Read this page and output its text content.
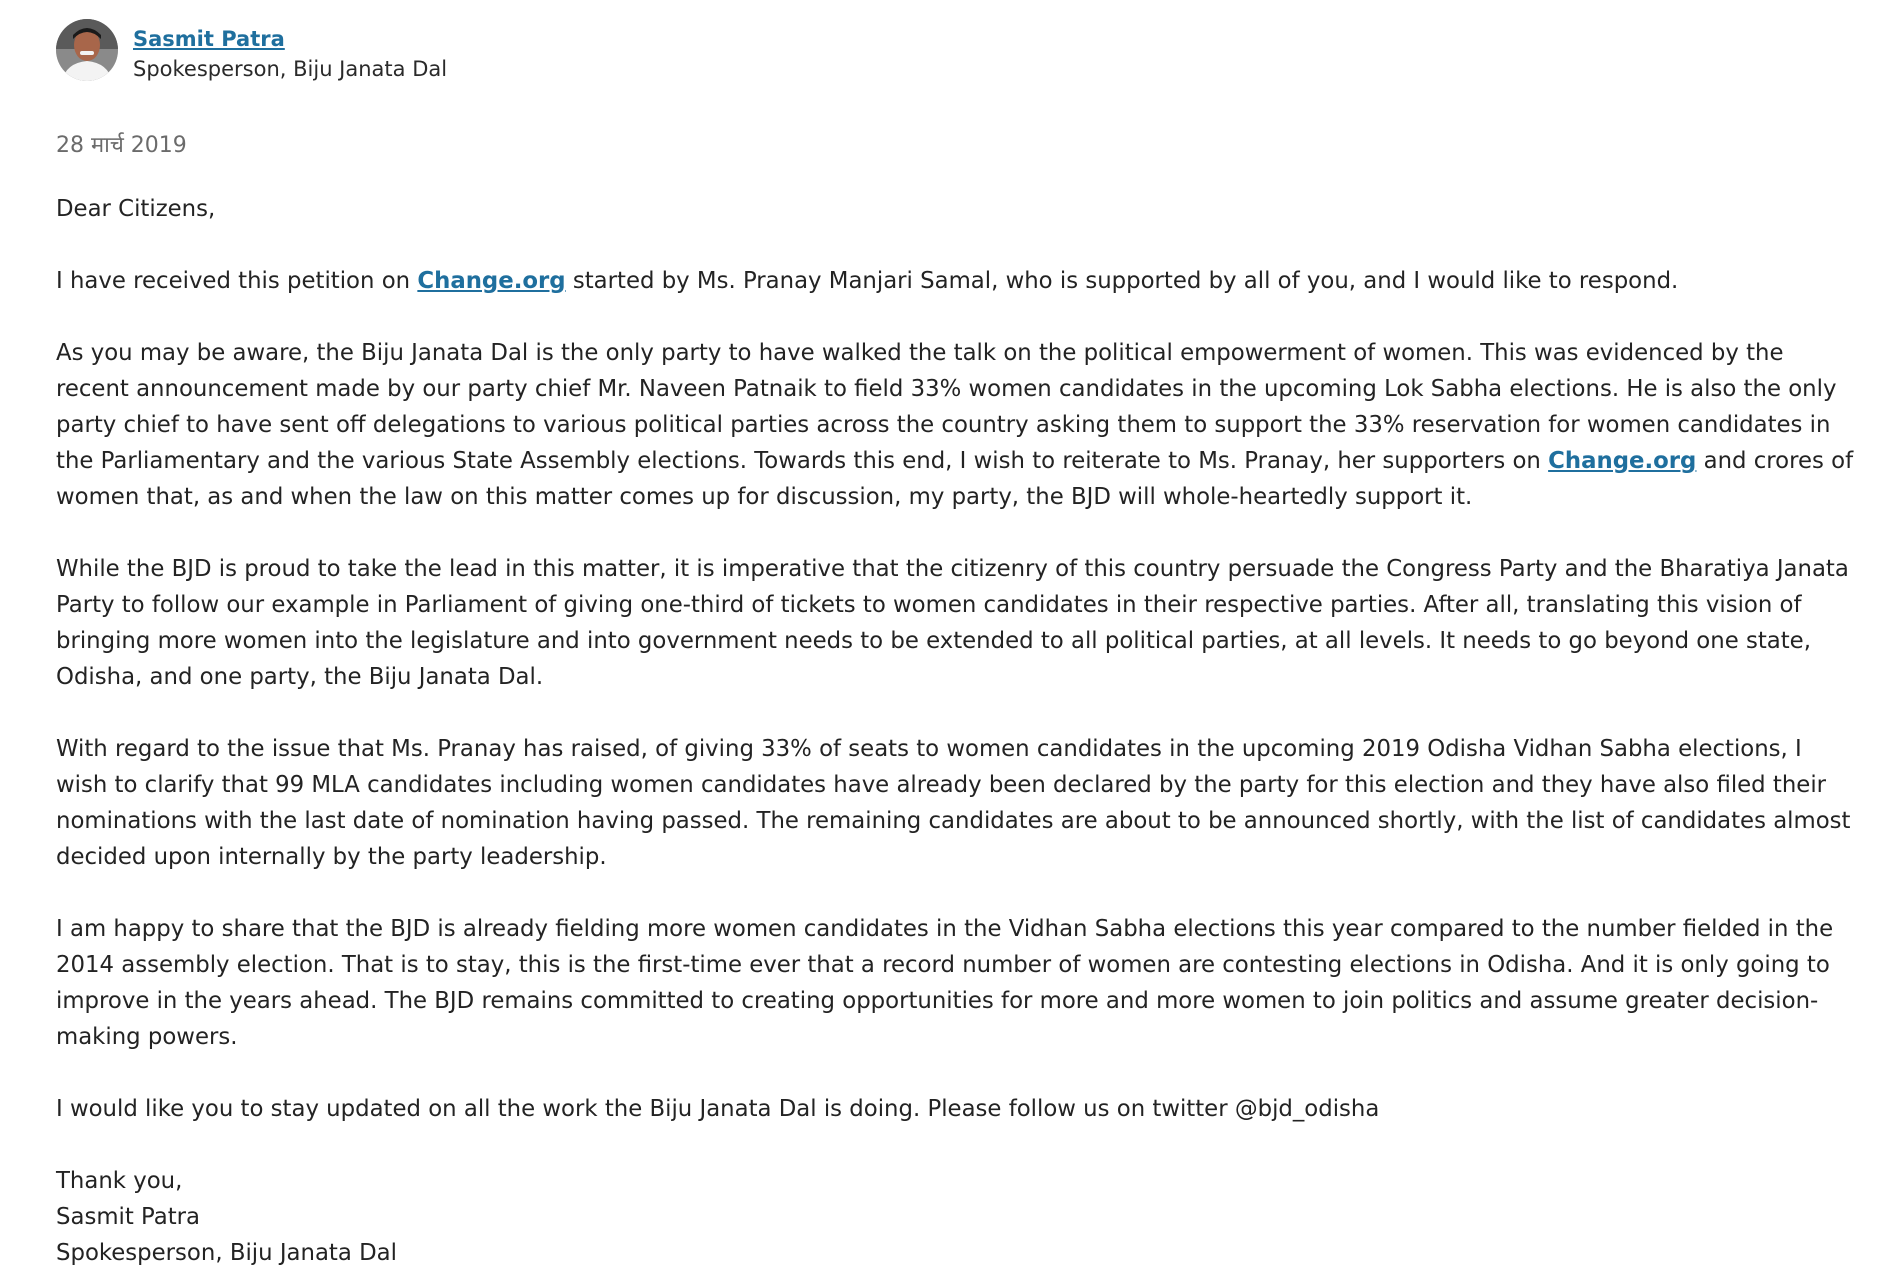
Sasmit Patra
Spokesperson, Biju Janata Dal
28 मार्च 2019

Dear Citizens,

I have received this petition on Change.org started by Ms. Pranay Manjari Samal, who is supported by all of you, and I would like to respond.

As you may be aware, the Biju Janata Dal is the only party to have walked the talk on the political empowerment of women. This was evidenced by the recent announcement made by our party chief Mr. Naveen Patnaik to field 33% women candidates in the upcoming Lok Sabha elections. He is also the only party chief to have sent off delegations to various political parties across the country asking them to support the 33% reservation for women candidates in the Parliamentary and the various State Assembly elections. Towards this end, I wish to reiterate to Ms. Pranay, her supporters on Change.org and crores of women that, as and when the law on this matter comes up for discussion, my party, the BJD will whole-heartedly support it.

While the BJD is proud to take the lead in this matter, it is imperative that the citizenry of this country persuade the Congress Party and the Bharatiya Janata Party to follow our example in Parliament of giving one-third of tickets to women candidates in their respective parties. After all, translating this vision of bringing more women into the legislature and into government needs to be extended to all political parties, at all levels. It needs to go beyond one state, Odisha, and one party, the Biju Janata Dal.

With regard to the issue that Ms. Pranay has raised, of giving 33% of seats to women candidates in the upcoming 2019 Odisha Vidhan Sabha elections, I wish to clarify that 99 MLA candidates including women candidates have already been declared by the party for this election and they have also filed their nominations with the last date of nomination having passed. The remaining candidates are about to be announced shortly, with the list of candidates almost decided upon internally by the party leadership.

I am happy to share that the BJD is already fielding more women candidates in the Vidhan Sabha elections this year compared to the number fielded in the 2014 assembly election. That is to stay, this is the first-time ever that a record number of women are contesting elections in Odisha. And it is only going to improve in the years ahead. The BJD remains committed to creating opportunities for more and more women to join politics and assume greater decision-making powers.

I would like you to stay updated on all the work the Biju Janata Dal is doing. Please follow us on twitter @bjd_odisha

Thank you,

Sasmit Patra

Spokesperson, Biju Janata Dal
